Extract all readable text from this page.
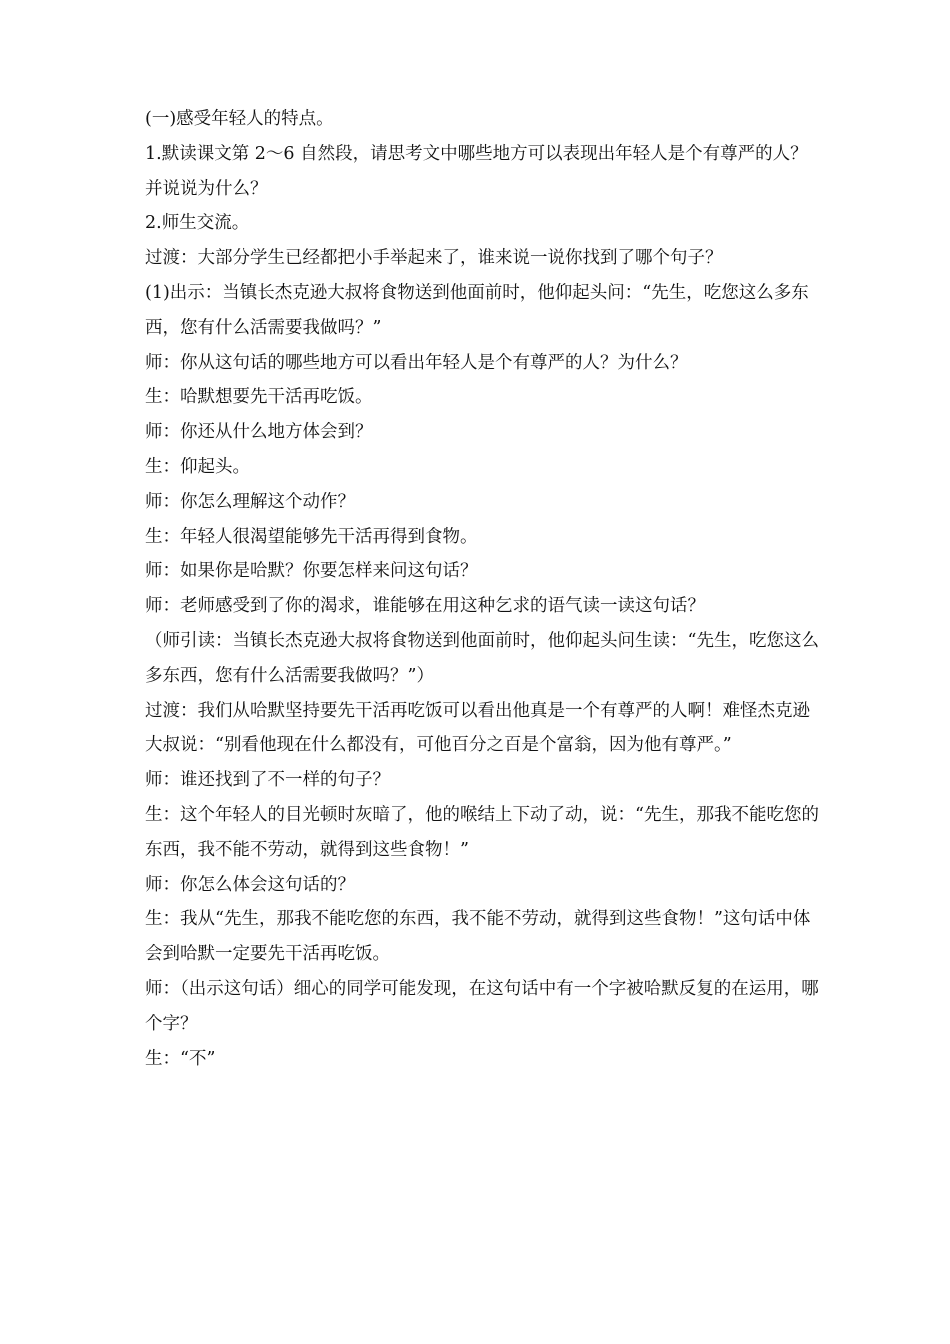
(一)感受年轻人的特点。

1.默读课文第 2～6 自然段，请思考文中哪些地方可以表现出年轻人是个有尊严的人？并说说为什么？

2.师生交流。

过渡：大部分学生已经都把小手举起来了，谁来说一说你找到了哪个句子？

(1)出示：当镇长杰克逊大叔将食物送到他面前时，他仰起头问：“先生，吃您这么多东西，您有什么活需要我做吗？”

师：你从这句话的哪些地方可以看出年轻人是个有尊严的人？为什么？

生：哈默想要先干活再吃饭。

师：你还从什么地方体会到？

生：仰起头。

师：你怎么理解这个动作？

生：年轻人很渴望能够先干活再得到食物。

师：如果你是哈默？你要怎样来问这句话？

师：老师感受到了你的渴求，谁能够在用这种乞求的语气读一读这句话？

（师引读：当镇长杰克逊大叔将食物送到他面前时，他仰起头问生读：“先生，吃您这么多东西，您有什么活需要我做吗？”）

过渡：我们从哈默坚持要先干活再吃饭可以看出他真是一个有尊严的人啊！难怪杰克逊大叔说：“别看他现在什么都没有，可他百分之百是个富翁，因为他有尊严。”

师：谁还找到了不一样的句子？

生：这个年轻人的目光顿时灰暗了，他的喉结上下动了动，说：“先生，那我不能吃您的东西，我不能不劳动，就得到这些食物！”

师：你怎么体会这句话的？

生：我从“先生，那我不能吃您的东西，我不能不劳动，就得到这些食物！”这句话中体会到哈默一定要先干活再吃饭。

师：（出示这句话）细心的同学可能发现，在这句话中有一个字被哈默反复的在运用，哪个字？

生：“不”
